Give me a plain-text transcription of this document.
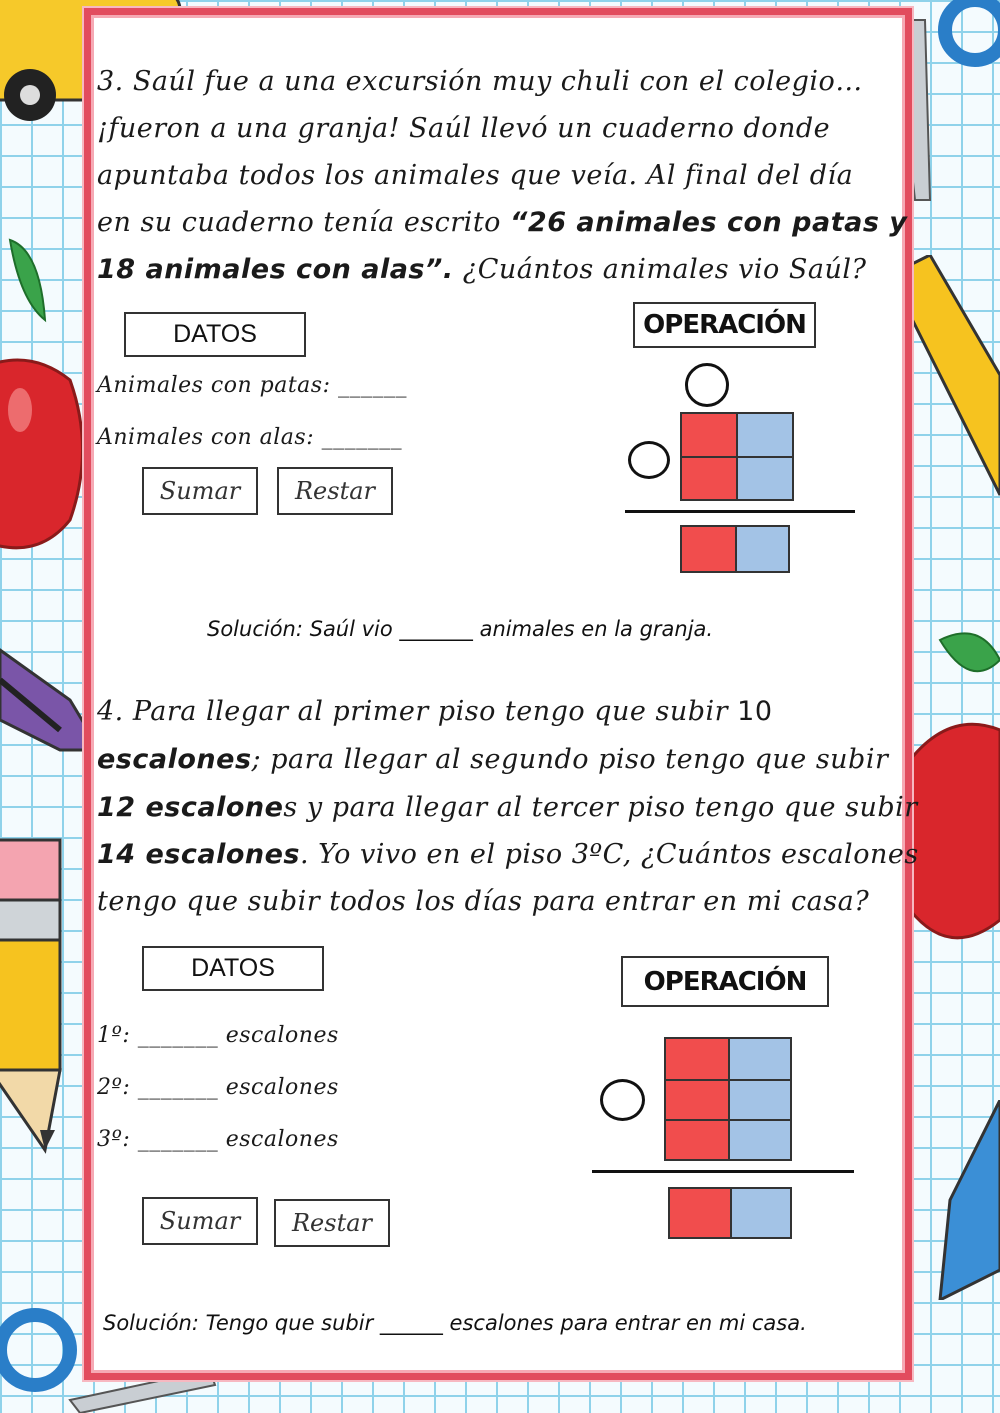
3. Saúl fue a una excursión muy chuli con el colegio…
¡fueron a una granja! Saúl llevó un cuaderno donde
apuntaba todos los animales que veía. Al final del día
en su cuaderno tenía escrito “26 animales con patas y
18 animales con alas”. ¿Cuántos animales vio Saúl?
DATOS	OPERACIÓN
Animales con patas: ______
Animales con alas: _______
Sumar	Restar
Solución: Saúl vio _______ animales en la granja.
4. Para llegar al primer piso tengo que subir 10
escalones; para llegar al segundo piso tengo que subir
12 escalones y para llegar al tercer piso tengo que subir
14 escalones. Yo vivo en el piso 3ºC, ¿Cuántos escalones
tengo que subir todos los días para entrar en mi casa?
DATOS	OPERACIÓN
1º: _______ escalones
2º: _______ escalones
3º: _______ escalones
Sumar	Restar
Solución: Tengo que subir ______ escalones para entrar en mi casa.
